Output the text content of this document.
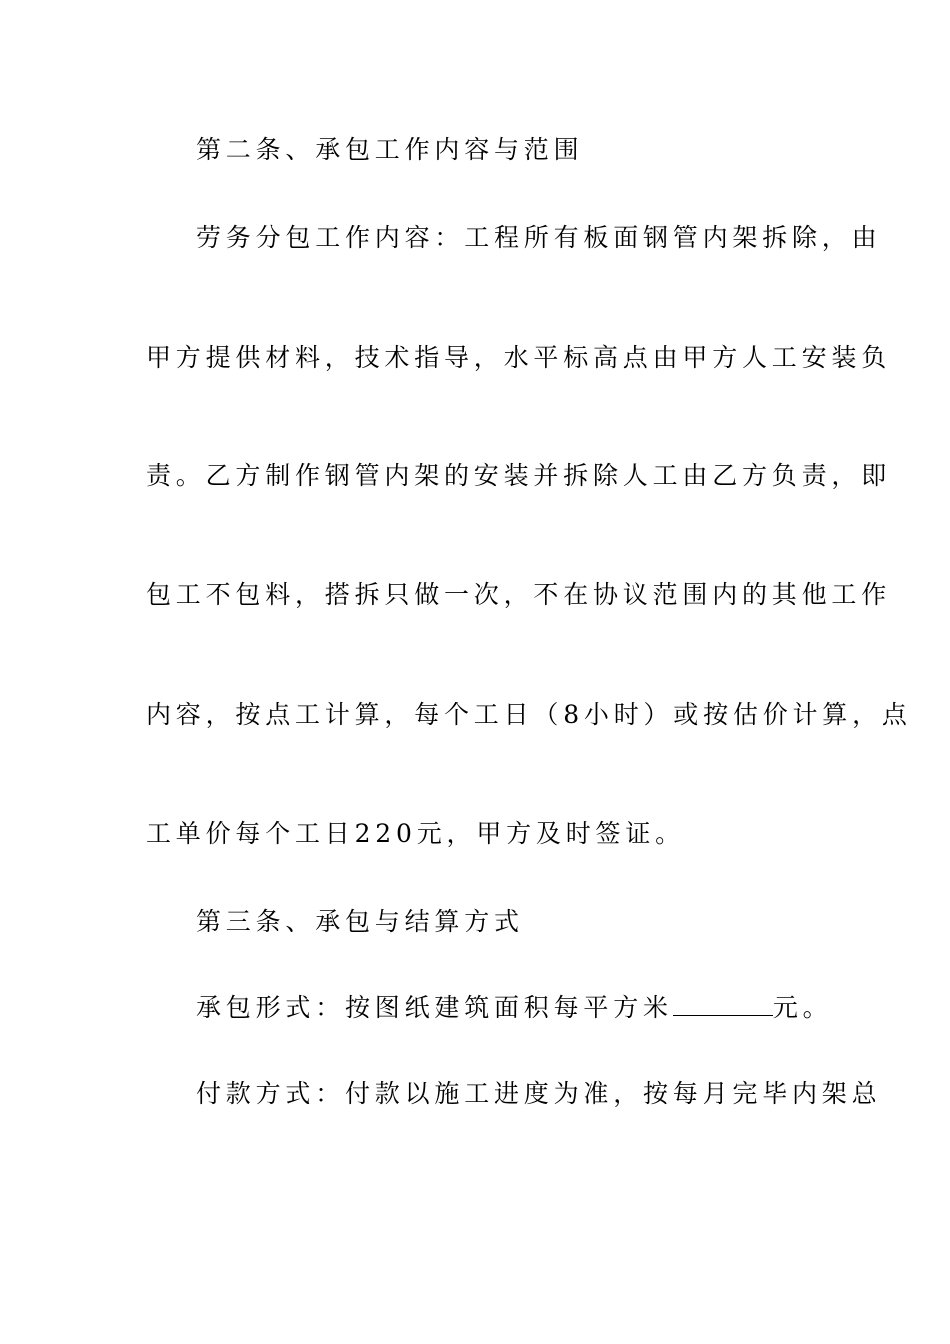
第二条、承包工作内容与范围
劳务分包工作内容：工程所有板面钢管内架拆除，由
甲方提供材料，技术指导，水平标高点由甲方人工安装负
责。乙方制作钢管内架的安装并拆除人工由乙方负责，即
包工不包料，搭拆只做一次，不在协议范围内的其他工作
内容，按点工计算，每个工日（8小时）或按估价计算，点
工单价每个工日220元，甲方及时签证。
第三条、承包与结算方式
承包形式：按图纸建筑面积每平方米	元。
付款方式：付款以施工进度为准，按每月完毕内架总
